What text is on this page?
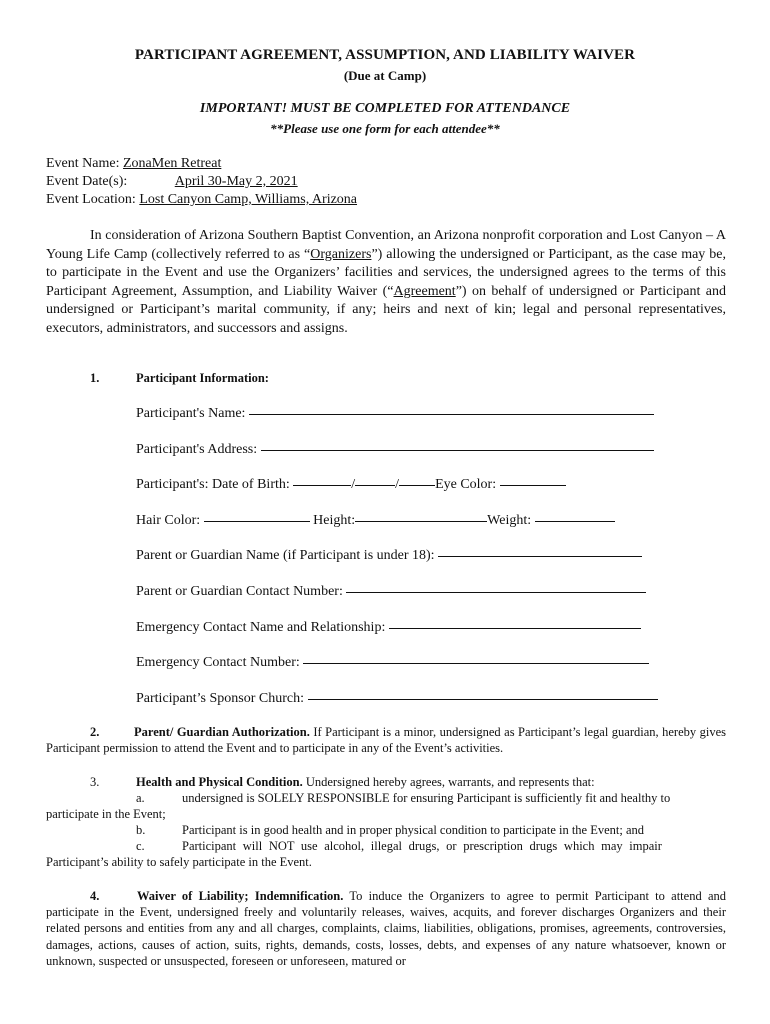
PARTICIPANT AGREEMENT, ASSUMPTION, AND LIABILITY WAIVER
(Due at Camp)
IMPORTANT! MUST BE COMPLETED FOR ATTENDANCE
**Please use one form for each attendee**
Event Name: ZonaMen Retreat
Event Date(s):	April 30-May 2, 2021
Event Location: Lost Canyon Camp, Williams, Arizona
In consideration of Arizona Southern Baptist Convention, an Arizona nonprofit corporation and Lost Canyon – A Young Life Camp (collectively referred to as “Organizers”) allowing the undersigned or Participant, as the case may be, to participate in the Event and use the Organizers’ facilities and services, the undersigned agrees to the terms of this Participant Agreement, Assumption, and Liability Waiver (“Agreement”) on behalf of undersigned or Participant and undersigned or Participant’s marital community, if any; heirs and next of kin; legal and personal representatives, executors, administrators, and successors and assigns.
1.	Participant Information:
Participant's Name:
Participant's Address:
Participant's: Date of Birth:	/	/	Eye Color:
Hair Color:	Height:	Weight:
Parent or Guardian Name (if Participant is under 18):
Parent or Guardian Contact Number:
Emergency Contact Name and Relationship:
Emergency Contact Number:
Participant’s Sponsor Church:
2.	Parent/ Guardian Authorization. If Participant is a minor, undersigned as Participant’s legal guardian, hereby gives Participant permission to attend the Event and to participate in any of the Event’s activities.
3.	Health and Physical Condition. Undersigned hereby agrees, warrants, and represents that:
a.	undersigned is SOLELY RESPONSIBLE for ensuring Participant is sufficiently fit and healthy to
participate in the Event;
b.	Participant is in good health and in proper physical condition to participate in the Event; and
c.	Participant will NOT use alcohol, illegal drugs, or prescription drugs which may impair
Participant’s ability to safely participate in the Event.
4.	Waiver of Liability; Indemnification. To induce the Organizers to agree to permit Participant to attend and participate in the Event, undersigned freely and voluntarily releases, waives, acquits, and forever discharges Organizers and their related persons and entities from any and all charges, complaints, claims, liabilities, obligations, promises, agreements, controversies, damages, actions, causes of action, suits, rights, demands, costs, losses, debts, and expenses of any nature whatsoever, known or unknown, suspected or unsuspected, foreseen or unforeseen, matured or
